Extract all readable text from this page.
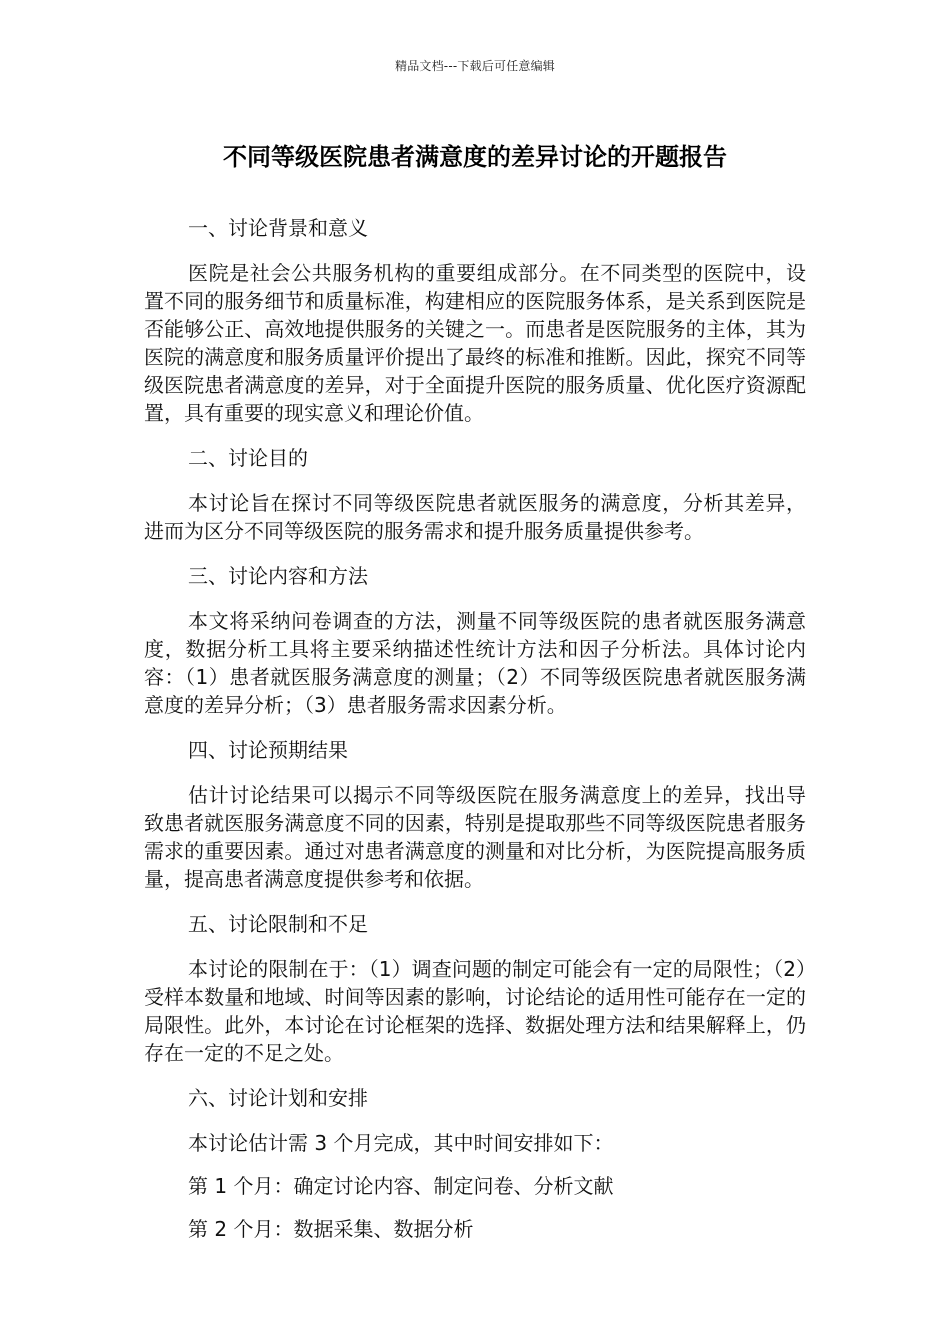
精品文档---下载后可任意编辑
不同等级医院患者满意度的差异讨论的开题报告
一、讨论背景和意义

医院是社会公共服务机构的重要组成部分。在不同类型的医院中，设置不同的服务细节和质量标准，构建相应的医院服务体系，是关系到医院是否能够公正、高效地提供服务的关键之一。而患者是医院服务的主体，其为医院的满意度和服务质量评价提出了最终的标准和推断。因此，探究不同等级医院患者满意度的差异，对于全面提升医院的服务质量、优化医疗资源配置，具有重要的现实意义和理论价值。

二、讨论目的

本讨论旨在探讨不同等级医院患者就医服务的满意度，分析其差异，进而为区分不同等级医院的服务需求和提升服务质量提供参考。

三、讨论内容和方法

本文将采纳问卷调查的方法，测量不同等级医院的患者就医服务满意度，数据分析工具将主要采纳描述性统计方法和因子分析法。具体讨论内容：（1）患者就医服务满意度的测量；（2）不同等级医院患者就医服务满意度的差异分析；（3）患者服务需求因素分析。

四、讨论预期结果

估计讨论结果可以揭示不同等级医院在服务满意度上的差异，找出导致患者就医服务满意度不同的因素，特别是提取那些不同等级医院患者服务需求的重要因素。通过对患者满意度的测量和对比分析，为医院提高服务质量，提高患者满意度提供参考和依据。

五、讨论限制和不足

本讨论的限制在于：（1）调查问题的制定可能会有一定的局限性；（2）受样本数量和地域、时间等因素的影响，讨论结论的适用性可能存在一定的局限性。此外，本讨论在讨论框架的选择、数据处理方法和结果解释上，仍存在一定的不足之处。

六、讨论计划和安排
本讨论估计需 3 个月完成，其中时间安排如下：
第 1 个月：确定讨论内容、制定问卷、分析文献
第 2 个月：数据采集、数据分析
